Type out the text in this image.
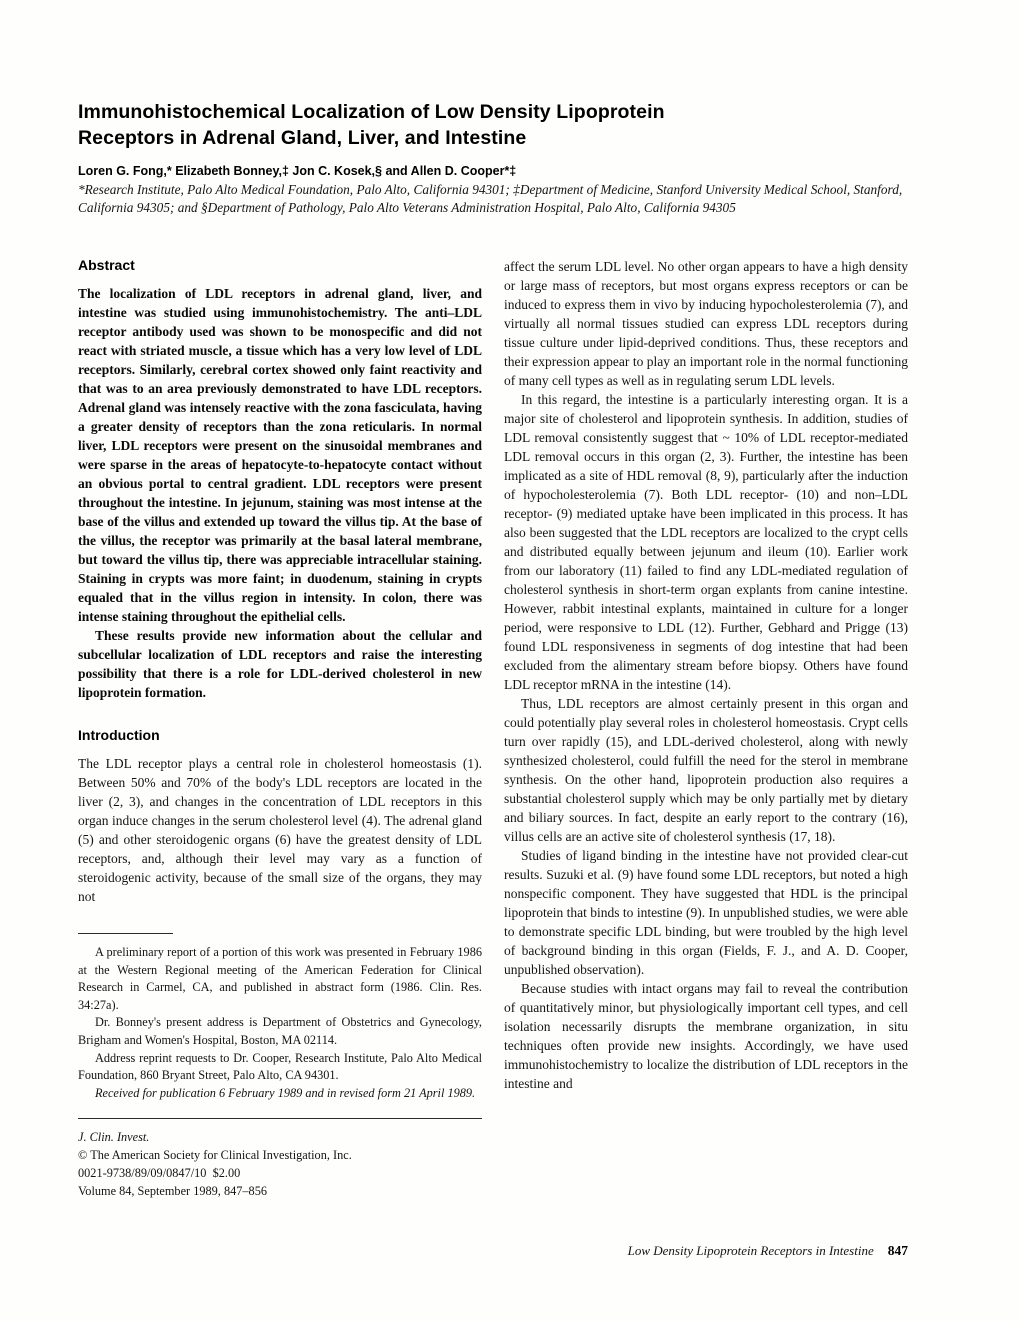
Immunohistochemical Localization of Low Density Lipoprotein Receptors in Adrenal Gland, Liver, and Intestine

Loren G. Fong,* Elizabeth Bonney,‡ Jon C. Kosek,§ and Allen D. Cooper*‡

*Research Institute, Palo Alto Medical Foundation, Palo Alto, California 94301; ‡Department of Medicine, Stanford University Medical School, Stanford, California 94305; and §Department of Pathology, Palo Alto Veterans Administration Hospital, Palo Alto, California 94305

Abstract

The localization of LDL receptors in adrenal gland, liver, and intestine was studied using immunohistochemistry. The anti–LDL receptor antibody used was shown to be monospecific and did not react with striated muscle, a tissue which has a very low level of LDL receptors. Similarly, cerebral cortex showed only faint reactivity and that was to an area previously demonstrated to have LDL receptors. Adrenal gland was intensely reactive with the zona fasciculata, having a greater density of receptors than the zona reticularis. In normal liver, LDL receptors were present on the sinusoidal membranes and were sparse in the areas of hepatocyte-to-hepatocyte contact without an obvious portal to central gradient. LDL receptors were present throughout the intestine. In jejunum, staining was most intense at the base of the villus and extended up toward the villus tip. At the base of the villus, the receptor was primarily at the basal lateral membrane, but toward the villus tip, there was appreciable intracellular staining. Staining in crypts was more faint; in duodenum, staining in crypts equaled that in the villus region in intensity. In colon, there was intense staining throughout the epithelial cells.

These results provide new information about the cellular and subcellular localization of LDL receptors and raise the interesting possibility that there is a role for LDL-derived cholesterol in new lipoprotein formation.

Introduction

The LDL receptor plays a central role in cholesterol homeostasis (1). Between 50% and 70% of the body's LDL receptors are located in the liver (2, 3), and changes in the concentration of LDL receptors in this organ induce changes in the serum cholesterol level (4). The adrenal gland (5) and other steroidogenic organs (6) have the greatest density of LDL receptors, and, although their level may vary as a function of steroidogenic activity, because of the small size of the organs, they may not

A preliminary report of a portion of this work was presented in February 1986 at the Western Regional meeting of the American Federation for Clinical Research in Carmel, CA, and published in abstract form (1986. Clin. Res. 34:27a).

Dr. Bonney's present address is Department of Obstetrics and Gynecology, Brigham and Women's Hospital, Boston, MA 02114.

Address reprint requests to Dr. Cooper, Research Institute, Palo Alto Medical Foundation, 860 Bryant Street, Palo Alto, CA 94301.

Received for publication 6 February 1989 and in revised form 21 April 1989.

J. Clin. Invest.

© The American Society for Clinical Investigation, Inc.

0021-9738/89/09/0847/10  $2.00

Volume 84, September 1989, 847–856

affect the serum LDL level. No other organ appears to have a high density or large mass of receptors, but most organs express receptors or can be induced to express them in vivo by inducing hypocholesterolemia (7), and virtually all normal tissues studied can express LDL receptors during tissue culture under lipid-deprived conditions. Thus, these receptors and their expression appear to play an important role in the normal functioning of many cell types as well as in regulating serum LDL levels.

In this regard, the intestine is a particularly interesting organ. It is a major site of cholesterol and lipoprotein synthesis. In addition, studies of LDL removal consistently suggest that ~ 10% of LDL receptor-mediated LDL removal occurs in this organ (2, 3). Further, the intestine has been implicated as a site of HDL removal (8, 9), particularly after the induction of hypocholesterolemia (7). Both LDL receptor- (10) and non–LDL receptor- (9) mediated uptake have been implicated in this process. It has also been suggested that the LDL receptors are localized to the crypt cells and distributed equally between jejunum and ileum (10). Earlier work from our laboratory (11) failed to find any LDL-mediated regulation of cholesterol synthesis in short-term organ explants from canine intestine. However, rabbit intestinal explants, maintained in culture for a longer period, were responsive to LDL (12). Further, Gebhard and Prigge (13) found LDL responsiveness in segments of dog intestine that had been excluded from the alimentary stream before biopsy. Others have found LDL receptor mRNA in the intestine (14).

Thus, LDL receptors are almost certainly present in this organ and could potentially play several roles in cholesterol homeostasis. Crypt cells turn over rapidly (15), and LDL-derived cholesterol, along with newly synthesized cholesterol, could fulfill the need for the sterol in membrane synthesis. On the other hand, lipoprotein production also requires a substantial cholesterol supply which may be only partially met by dietary and biliary sources. In fact, despite an early report to the contrary (16), villus cells are an active site of cholesterol synthesis (17, 18).

Studies of ligand binding in the intestine have not provided clear-cut results. Suzuki et al. (9) have found some LDL receptors, but noted a high nonspecific component. They have suggested that HDL is the principal lipoprotein that binds to intestine (9). In unpublished studies, we were able to demonstrate specific LDL binding, but were troubled by the high level of background binding in this organ (Fields, F. J., and A. D. Cooper, unpublished observation).

Because studies with intact organs may fail to reveal the contribution of quantitatively minor, but physiologically important cell types, and cell isolation necessarily disrupts the membrane organization, in situ techniques often provide new insights. Accordingly, we have used immunohistochemistry to localize the distribution of LDL receptors in the intestine and

Low Density Lipoprotein Receptors in Intestine 847
